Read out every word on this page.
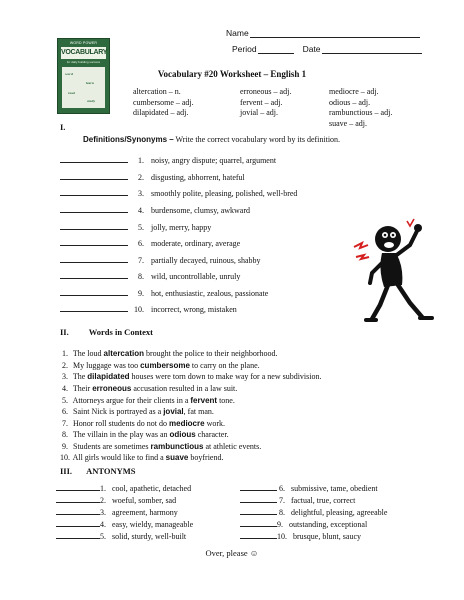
Name
Period	Date
WORD POWER
VOCABULARY
for daily building success
word
learn
read
study
Vocabulary #20 Worksheet – English 1
altercation – n.
cumbersome – adj.
dilapidated – adj.
erroneous – adj.
fervent – adj.
jovial – adj.
mediocre – adj.
odious – adj.
rambunctious – adj.
suave – adj.
I.
Definitions/Synonyms – Write the correct vocabulary word by its definition.
1. noisy, angry dispute; quarrel, argument
2. disgusting, abhorrent, hateful
3. smoothly polite, pleasing, polished, well-bred
4. burdensome, clumsy, awkward
5. jolly, merry, happy
6. moderate, ordinary, average
7. partially decayed, ruinous, shabby
8. wild, uncontrollable, unruly
9. hot, enthusiastic, zealous, passionate
10. incorrect, wrong, mistaken
II. Words in Context
1. The loud altercation brought the police to their neighborhood.
2. My luggage was too cumbersome to carry on the plane.
3. The dilapidated houses were torn down to make way for a new subdivision.
4. Their erroneous accusation resulted in a law suit.
5. Attorneys argue for their clients in a fervent tone.
6. Saint Nick is portrayed as a jovial, fat man.
7. Honor roll students do not do mediocre work.
8. The villain in the play was an odious character.
9. Students are sometimes rambunctious at athletic events.
10. All girls would like to find a suave boyfriend.
III. ANTONYMS
1. cool, apathetic, detached
2. woeful, somber, sad
3. agreement, harmony
4. easy, wieldy, manageable
5. solid, sturdy, well-built
6. submissive, tame, obedient
7. factual, true, correct
8. delightful, pleasing, agreeable
9. outstanding, exceptional
10. brusque, blunt, saucy
Over, please ☺
